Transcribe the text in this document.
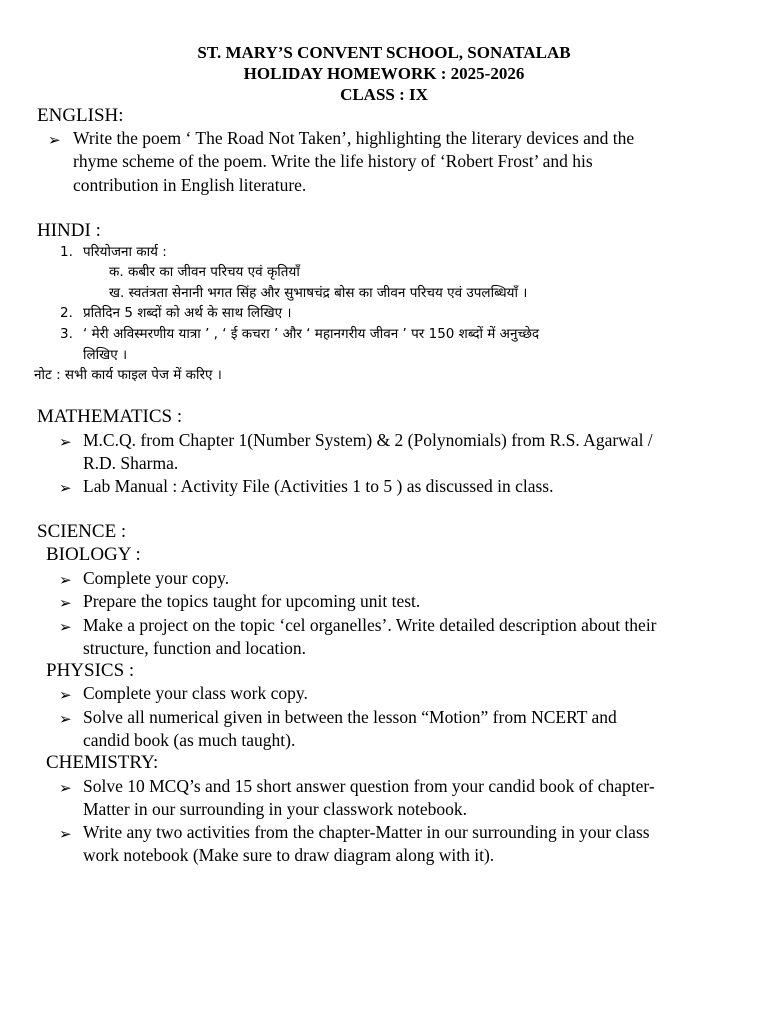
ST. MARY’S CONVENT SCHOOL, SONATALAB
HOLIDAY HOMEWORK : 2025-2026
CLASS : IX
ENGLISH:
➢ Write the poem ‘ The Road Not Taken’, highlighting the literary devices and the
rhyme scheme of the poem. Write the life history of ‘Robert Frost’ and his
contribution in English literature.
HINDI :
1. परियोजना कार्य :
क. कबीर का जीवन परिचय एवं कृतियाँ
ख. स्वतंत्रता सेनानी भगत सिंह और सुभाषचंद्र बोस का जीवन परिचय एवं उपलब्धियाँ ।
2. प्रतिदिन 5 शब्दों को अर्थ के साथ लिखिए ।
3. ‘ मेरी अविस्मरणीय यात्रा ’ , ‘ ई कचरा ’ और ‘ महानगरीय जीवन ’ पर 150 शब्दों में अनुच्छेद
लिखिए ।
नोट : सभी कार्य फाइल पेज में करिए ।
MATHEMATICS :
➢ M.C.Q. from Chapter 1(Number System) & 2 (Polynomials) from R.S. Agarwal /
R.D. Sharma.
➢ Lab Manual : Activity File (Activities 1 to 5 ) as discussed in class.
SCIENCE :
BIOLOGY :
➢ Complete your copy.
➢ Prepare the topics taught for upcoming unit test.
➢ Make a project on the topic ‘cel organelles’. Write detailed description about their
structure, function and location.
PHYSICS :
➢ Complete your class work copy.
➢ Solve all numerical given in between the lesson “Motion” from NCERT and
candid book (as much taught).
CHEMISTRY:
➢ Solve 10 MCQ’s and 15 short answer question from your candid book of chapter-
Matter in our surrounding in your classwork notebook.
➢ Write any two activities from the chapter-Matter in our surrounding in your class
work notebook (Make sure to draw diagram along with it).
